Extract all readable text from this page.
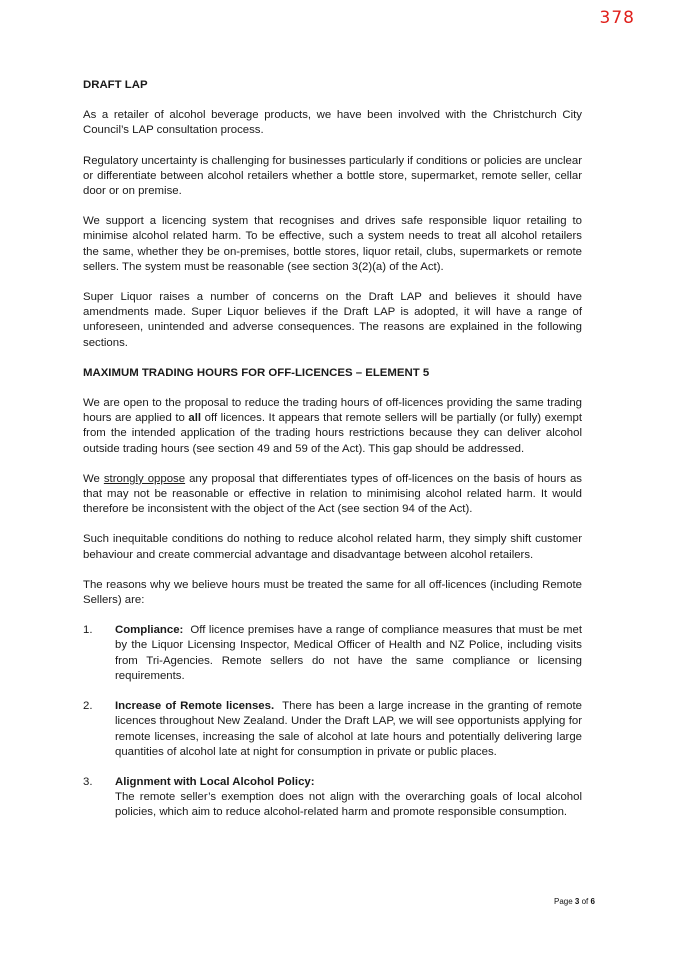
378
DRAFT LAP

As a retailer of alcohol beverage products, we have been involved with the Christchurch City Council’s LAP consultation process.

Regulatory uncertainty is challenging for businesses particularly if conditions or policies are unclear or differentiate between alcohol retailers whether a bottle store, supermarket, remote seller, cellar door or on premise.

We support a licencing system that recognises and drives safe responsible liquor retailing to minimise alcohol related harm. To be effective, such a system needs to treat all alcohol retailers the same, whether they be on-premises, bottle stores, liquor retail, clubs, supermarkets or remote sellers. The system must be reasonable (see section 3(2)(a) of the Act).

Super Liquor raises a number of concerns on the Draft LAP and believes it should have amendments made. Super Liquor believes if the Draft LAP is adopted, it will have a range of unforeseen, unintended and adverse consequences. The reasons are explained in the following sections.

MAXIMUM TRADING HOURS FOR OFF-LICENCES – ELEMENT 5

We are open to the proposal to reduce the trading hours of off-licences providing the same trading hours are applied to all off licences. It appears that remote sellers will be partially (or fully) exempt from the intended application of the trading hours restrictions because they can deliver alcohol outside trading hours (see section 49 and 59 of the Act). This gap should be addressed.

We strongly oppose any proposal that differentiates types of off-licences on the basis of hours as that may not be reasonable or effective in relation to minimising alcohol related harm. It would therefore be inconsistent with the object of the Act (see section 94 of the Act).

Such inequitable conditions do nothing to reduce alcohol related harm, they simply shift customer behaviour and create commercial advantage and disadvantage between alcohol retailers.

The reasons why we believe hours must be treated the same for all off-licences (including Remote Sellers) are:

1. Compliance: Off licence premises have a range of compliance measures that must be met by the Liquor Licensing Inspector, Medical Officer of Health and NZ Police, including visits from Tri-Agencies. Remote sellers do not have the same compliance or licensing requirements.
2. Increase of Remote licenses. There has been a large increase in the granting of remote licences throughout New Zealand. Under the Draft LAP, we will see opportunists applying for remote licenses, increasing the sale of alcohol at late hours and potentially delivering large quantities of alcohol late at night for consumption in private or public places.
3. Alignment with Local Alcohol Policy:
The remote seller’s exemption does not align with the overarching goals of local alcohol policies, which aim to reduce alcohol-related harm and promote responsible consumption.
Page 3 of 6
